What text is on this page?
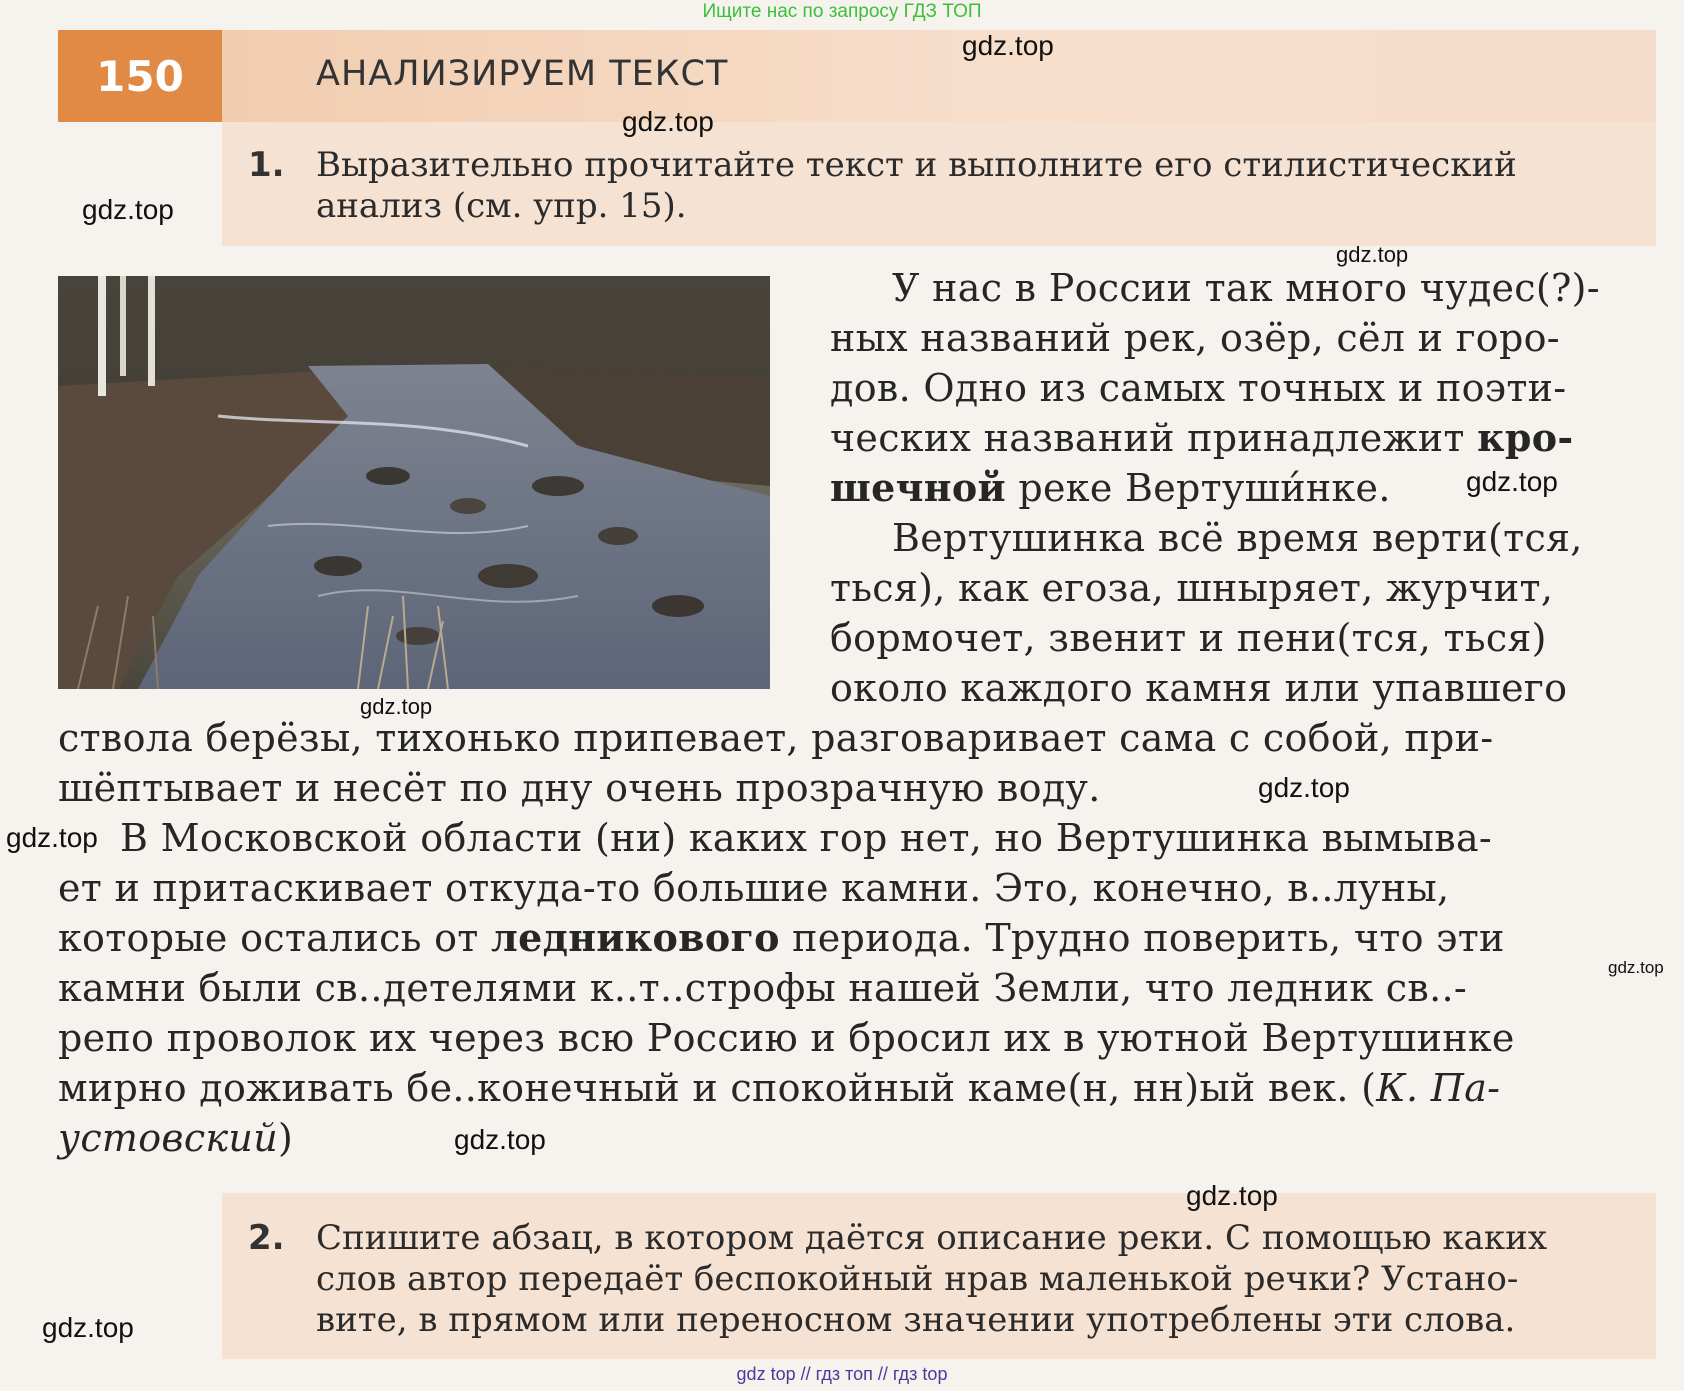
Ищите нас по запросу ГДЗ ТОП
150	АНАЛИЗИРУЕМ ТЕКСТ
1. Выразительно прочитайте текст и выполните его стилистический
анализ (см. упр. 15).
У нас в России так много чудес(?)-
ных названий рек, озёр, сёл и горо-
дов. Одно из самых точных и поэти-
ческих названий принадлежит кро-
шечной реке Вертуши́нке.
Вертушинка всё время верти(тся,
ться), как егоза, шныряет, журчит,
бормочет, звенит и пени(тся, ться)
около каждого камня или упавшего
ствола берёзы, тихонько припевает, разговаривает сама с собой, при-
шёптывает и несёт по дну очень прозрачную воду.
В Московской области (ни) каких гор нет, но Вертушинка вымыва-
ет и притаскивает откуда-то большие камни. Это, конечно, в..луны,
которые остались от ледникового периода. Трудно поверить, что эти
камни были св..детелями к..т..строфы нашей Земли, что ледник св..-
репо проволок их через всю Россию и бросил их в уютной Вертушинке
мирно доживать бе..конечный и спокойный каме(н, нн)ый век. (К. Па-
устовский)
2. Спишите абзац, в котором даётся описание реки. С помощью каких
слов автор передаёт беспокойный нрав маленькой речки? Устано-
вите, в прямом или переносном значении употреблены эти слова.
gdz.top
gdz.top
gdz.top
gdz.top
gdz.top
gdz.top
gdz.top
gdz.top
gdz.top
gdz.top
gdz.top
gdz.top
gdz top // гдз топ // гдз top
